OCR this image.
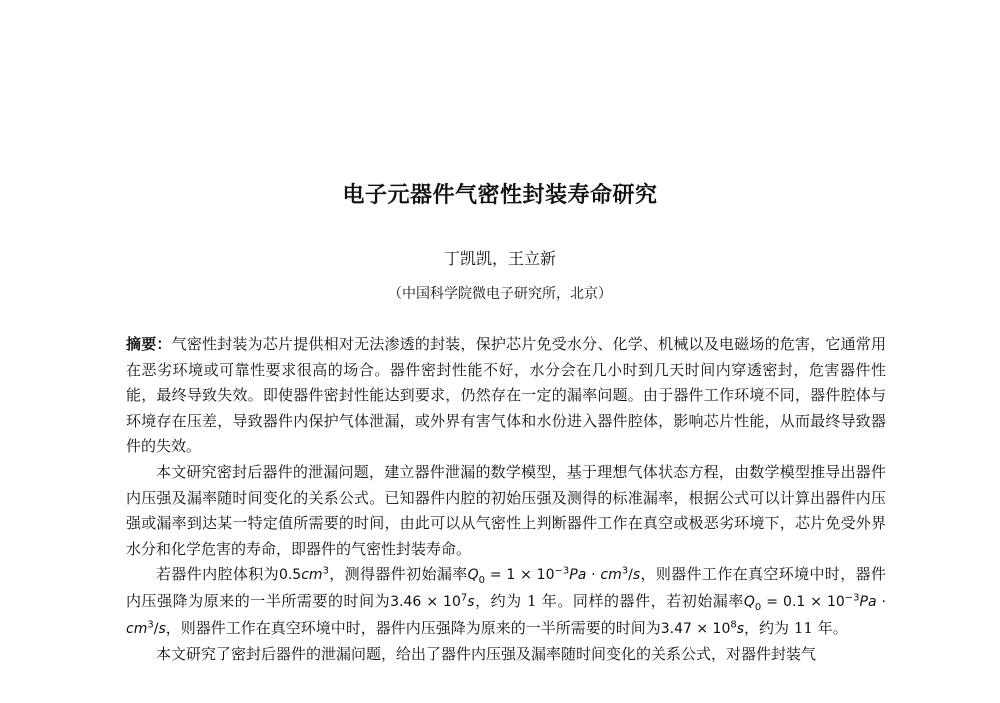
电子元器件气密性封装寿命研究
丁凯凯，王立新
（中国科学院微电子研究所，北京）

摘要：气密性封装为芯片提供相对无法渗透的封装，保护芯片免受水分、化学、机械以及电磁场的危害，它通常用在恶劣环境或可靠性要求很高的场合。器件密封性能不好，水分会在几小时到几天时间内穿透密封，危害器件性能，最终导致失效。即使器件密封性能达到要求，仍然存在一定的漏率问题。由于器件工作环境不同，器件腔体与环境存在压差，导致器件内保护气体泄漏，或外界有害气体和水份进入器件腔体，影响芯片性能，从而最终导致器件的失效。

本文研究密封后器件的泄漏问题，建立器件泄漏的数学模型，基于理想气体状态方程，由数学模型推导出器件内压强及漏率随时间变化的关系公式。已知器件内腔的初始压强及测得的标准漏率，根据公式可以计算出器件内压强或漏率到达某一特定值所需要的时间，由此可以从气密性上判断器件工作在真空或极恶劣环境下，芯片免受外界水分和化学危害的寿命，即器件的气密性封装寿命。

若器件内腔体积为$0.5cm^3$，测得器件初始漏率$Q_0 = 1 \times 10^{-3}Pa \cdot cm^3/s$，则器件工作在真空环境中时，器件内压强降为原来的一半所需要的时间为$3.46 \times 10^7s$，约为 1 年。同样的器件，若初始漏率$Q_0 = 0.1 \times 10^{-3}Pa \cdot cm^3/s$，则器件工作在真空环境中时，器件内压强降为原来的一半所需要的时间为$3.47 \times 10^8s$，约为 11 年。

本文研究了密封后器件的泄漏问题，给出了器件内压强及漏率随时间变化的关系公式，对器件封装气
